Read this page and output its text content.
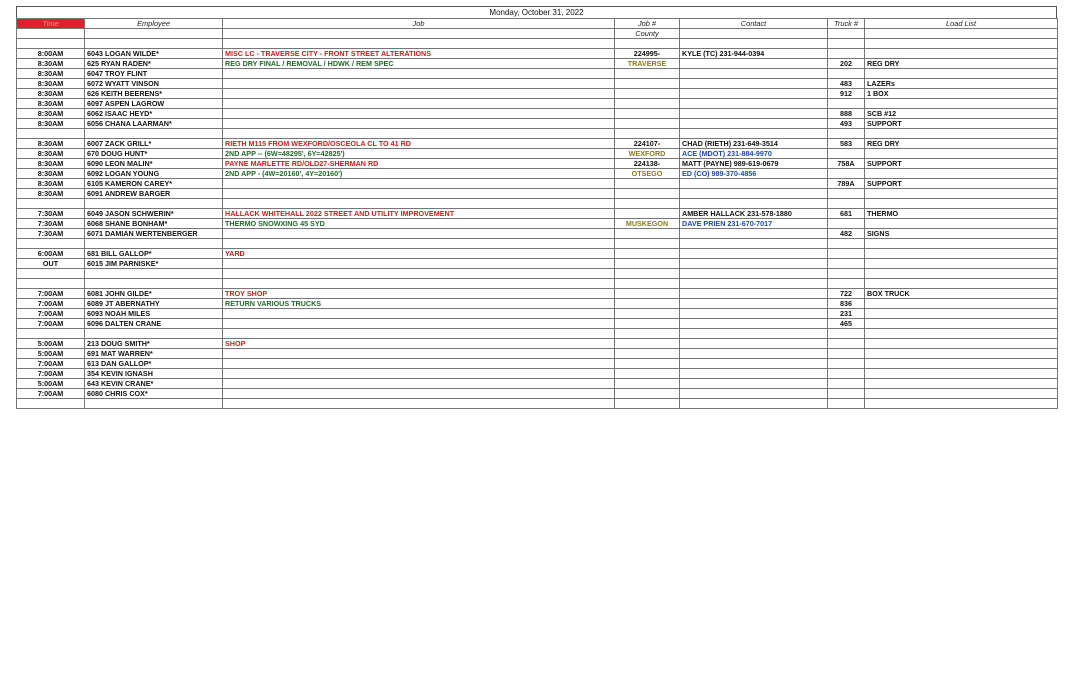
Monday, October 31, 2022
Time	Employee	Job	Job #	Contact	Truck #	Load List
			County			

8:00AM	6043 LOGAN WILDE*	MISC LC - TRAVERSE CITY - FRONT STREET ALTERATIONS	224995-	KYLE (TC) 231-944-0394		
8:30AM	625 RYAN RADEN*	REG DRY FINAL / REMOVAL / HDWK / REM SPEC	TRAVERSE		202	REG DRY
8:30AM	6047 TROY FLINT					
8:30AM	6072 WYATT VINSON				483	LAZERs
8:30AM	626 KEITH BEERENS*				912	1 BOX
8:30AM	6097 ASPEN LAGROW					
8:30AM	6062 ISAAC HEYD*				888	SCB #12
8:30AM	6056 CHANA LAARMAN*				493	SUPPORT

8:30AM	6007 ZACK GRILL*	RIETH M115 FROM WEXFORD/OSCEOLA CL TO 41 RD	224107-	CHAD (RIETH) 231-649-3514	583	REG DRY
8:30AM	670 DOUG HUNT*	2ND APP -- (6W=48295', 6Y=42825')	WEXFORD	ACE (MDOT) 231-884-9970		
8:30AM	6090 LEON MALIN*	PAYNE MARLETTE RD/OLD27-SHERMAN RD	224138-	MATT (PAYNE) 989-619-0679	758A	SUPPORT
8:30AM	6092 LOGAN YOUNG	2ND APP - (4W=20160', 4Y=20160')	OTSEGO	ED (CO) 989-370-4856		
8:30AM	6105 KAMERON CAREY*				789A	SUPPORT
8:30AM	6091 ANDREW BARGER					

7:30AM	6049 JASON SCHWERIN*	HALLACK WHITEHALL 2022 STREET AND UTILITY IMPROVEMENT		AMBER HALLACK 231-578-1880	681	THERMO
7:30AM	6068 SHANE BONHAM*	THERMO SNOWXING 45 SYD	MUSKEGON	DAVE PRIEN 231-670-7017		
7:30AM	6071 DAMIAN WERTENBERGER				482	SIGNS

6:00AM	681 BILL GALLOP*	YARD				
OUT	6015 JIM PARNISKE*					

7:00AM	6081 JOHN GILDE*	TROY SHOP			722	BOX TRUCK
7:00AM	6089 JT ABERNATHY	RETURN VARIOUS TRUCKS			836	
7:00AM	6093 NOAH MILES				231	
7:00AM	6096 DALTEN CRANE				465	

5:00AM	213 DOUG SMITH*	SHOP				
5:00AM	691 MAT WARREN*					
7:00AM	613 DAN GALLOP*					
7:00AM	354 KEVIN IGNASH					
5:00AM	643 KEVIN CRANE*					
7:00AM	6080 CHRIS COX*					
